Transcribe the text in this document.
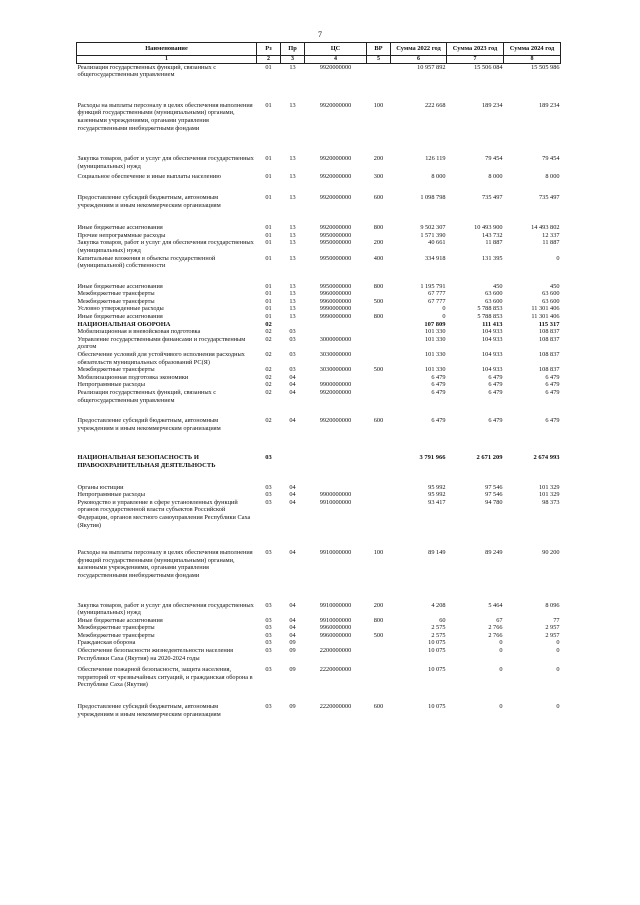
7
Наименование	Рз	Пр	ЦС	ВР	Сумма 2022 год	Сумма 2023 год	Сумма 2024 год
1	2	3	4	5	6	7	8
Реализация государственных функций, связанных с общегосударственным управлением	01	13	9920000000		10 957 892	15 506 084	15 505 986
Расходы на выплаты персоналу в целях обеспечения выполнения функций государственными (муниципальными) органами, казенными учреждениями, органами управления государственными внебюджетными фондами	01	13	9920000000	100	222 668	189 234	189 234
Закупка товаров, работ и услуг для обеспечения государственных (муниципальных) нужд	01	13	9920000000	200	126 119	79 454	79 454
Социальное обеспечение и иные выплаты населению	01	13	9920000000	300	8 000	8 000	8 000
Предоставление субсидий бюджетным, автономным учреждениям и иным некоммерческим организациям	01	13	9920000000	600	1 098 798	735 497	735 497
Иные бюджетные ассигнования	01	13	9920000000	800	9 502 307	10 493 900	14 493 802
Прочие непрограммные расходы	01	13	9950000000		1 571 390	143 732	12 337
Закупка товаров, работ и услуг для обеспечения государственных (муниципальных) нужд	01	13	9950000000	200	40 661	11 887	11 887
Капитальные вложения в объекты государственной (муниципальной) собственности	01	13	9950000000	400	334 918	131 395	0
Иные бюджетные ассигнования	01	13	9950000000	800	1 195 791	450	450
Межбюджетные трансферты	01	13	9960000000		67 777	63 600	63 600
Межбюджетные трансферты	01	13	9960000000	500	67 777	63 600	63 600
Условно утвержденные расходы	01	13	9990000000		0	5 788 853	11 301 406
Иные бюджетные ассигнования	01	13	9990000000	800	0	5 788 853	11 301 406
НАЦИОНАЛЬНАЯ ОБОРОНА	02				107 809	111 413	115 317
Мобилизационная и вневойсковая подготовка	02	03			101 330	104 933	108 837
Управление государственными финансами и государственным долгом	02	03	3000000000		101 330	104 933	108 837
Обеспечение условий для устойчивого исполнения расходных обязательств муниципальных образований РС(Я)	02	03	3030000000		101 330	104 933	108 837
Межбюджетные трансферты	02	03	3030000000	500	101 330	104 933	108 837
Мобилизационная подготовка экономики	02	04			6 479	6 479	6 479
Непрограммные расходы	02	04	9900000000		6 479	6 479	6 479
Реализация государственных функций, связанных с общегосударственным управлением	02	04	9920000000		6 479	6 479	6 479
Предоставление субсидий бюджетным, автономным учреждениям и иным некоммерческим организациям	02	04	9920000000	600	6 479	6 479	6 479
НАЦИОНАЛЬНАЯ БЕЗОПАСНОСТЬ И ПРАВООХРАНИТЕЛЬНАЯ ДЕЯТЕЛЬНОСТЬ	03				3 791 966	2 671 209	2 674 993
Органы юстиции	03	04			95 992	97 546	101 329
Непрограммные расходы	03	04	9900000000		95 992	97 546	101 329
Руководство и управление в сфере установленных функций органов государственной власти субъектов Российской Федерации, органов местного самоуправления Республики Саха (Якутия)	03	04	9910000000		93 417	94 780	98 373
Расходы на выплаты персоналу в целях обеспечения выполнения функций государственными (муниципальными) органами, казенными учреждениями, органами управления государственными внебюджетными фондами	03	04	9910000000	100	89 149	89 249	90 200
Закупка товаров, работ и услуг для обеспечения государственных (муниципальных) нужд	03	04	9910000000	200	4 208	5 464	8 096
Иные бюджетные ассигнования	03	04	9910000000	800	60	67	77
Межбюджетные трансферты	03	04	9960000000		2 575	2 766	2 957
Межбюджетные трансферты	03	04	9960000000	500	2 575	2 766	2 957
Гражданская оборона	03	09			10 075	0	0
Обеспечение безопасности жизнедеятельности населения Республики Саха (Якутия) на 2020-2024 годы	03	09	2200000000		10 075	0	0
Обеспечение пожарной безопасности, защита населения, территорий от чрезвычайных ситуаций, и гражданская оборона в Республике Саха (Якутия)	03	09	2220000000		10 075	0	0
Предоставление субсидий бюджетным, автономным учреждениям и иным некоммерческим организациям	03	09	2220000000	600	10 075	0	0
